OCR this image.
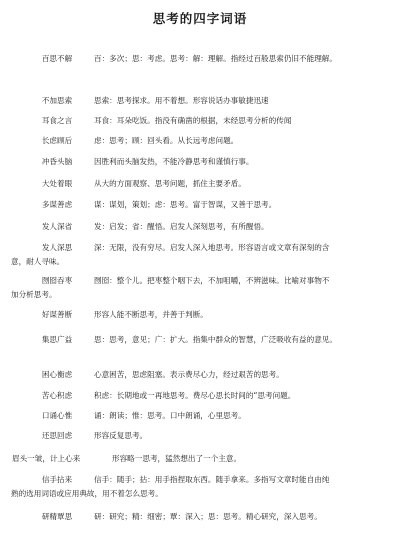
思考的四字词语
百思不解	百：多次；思：考虑。思考：解：理解。指经过百般思索仍旧不能理解。
不加思索	思索：思考探求。用不着想。形容说话办事敏捷迅速
耳食之言	耳食：耳朵吃饭。指没有确凿的根据，未经思考分析的传闻
长虑顾后	虑：思考；顾：回头看。从长远考虑问题。
冲昏头脑	因胜利而头脑发热，不能冷静思考和谨慎行事。
大处着眼	从大的方面观察、思考问题，抓住主要矛盾。
多谋善虑	谋：谋划，策划；虑：思考。富于智谋，又善于思考。
发人深省	发：启发；省：醒悟。启发人深刻思考，有所醒悟。
发人深思	深：无限，没有穷尽。启发人深入地思考。形容语言或文章有深刻的含
意，耐人寻味。
囫囵吞枣	囫囵：整个儿。把枣整个咽下去，不加咀嚼，不辨滋味。比喻对事物不
加分析思考。
好谋善断	形容人能不断思考，并善于判断。
集思广益	思：思考，意见；广：扩大。指集中群众的智慧，广泛吸收有益的意见。
困心衡虑	心意困苦，思虑阻塞。表示费尽心力，经过艰苦的思考。
苦心积虑	积虑：长期地或一再地思考。费尽心思长时间的“思考问题。
口诵心惟	诵：朗读；惟：思考。口中朗诵，心里思考。
还思回虑	形容反复思考。
眉头一皱，计上心来	形容略一思考，猛然想出了一个主意。
信手拈来	信手：随手；拈：用手指捏取东西。随手拿来。多指写文章时能自由纯
熟的选用词语或应用典故，用不着怎么思考。
研精覃思	研：研究；精：细密；覃：深入；思：思考。精心研究，深入思考。
